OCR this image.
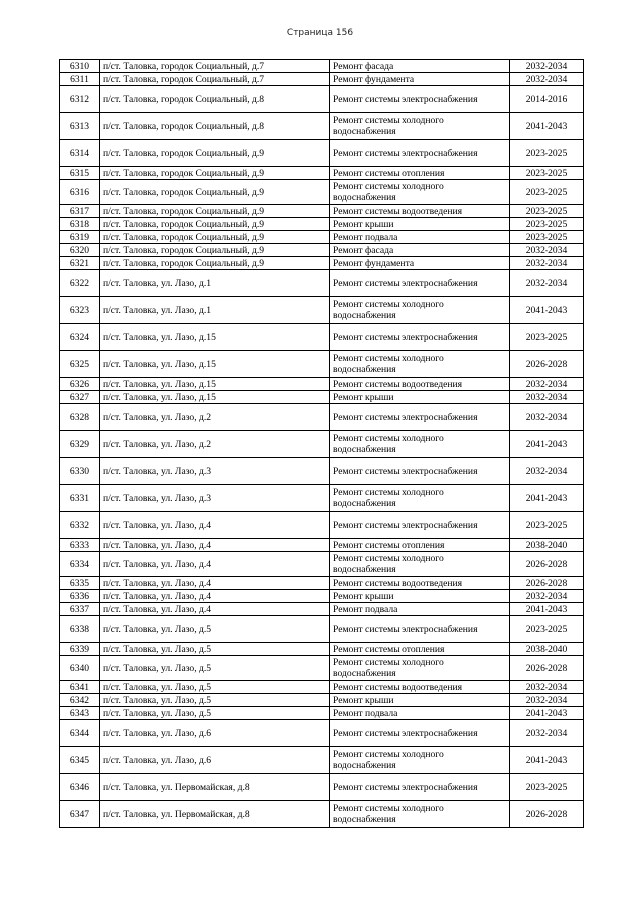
Страница 156
6310	п/ст. Таловка, городок Социальный, д.7	Ремонт фасада	2032-2034
6311	п/ст. Таловка, городок Социальный, д.7	Ремонт фундамента	2032-2034
6312	п/ст. Таловка, городок Социальный, д.8	Ремонт системы электроснабжения	2014-2016
6313	п/ст. Таловка, городок Социальный, д.8	Ремонт системы холодного водоснабжения	2041-2043
6314	п/ст. Таловка, городок Социальный, д.9	Ремонт системы электроснабжения	2023-2025
6315	п/ст. Таловка, городок Социальный, д.9	Ремонт системы отопления	2023-2025
6316	п/ст. Таловка, городок Социальный, д.9	Ремонт системы холодного водоснабжения	2023-2025
6317	п/ст. Таловка, городок Социальный, д.9	Ремонт системы водоотведения	2023-2025
6318	п/ст. Таловка, городок Социальный, д.9	Ремонт крыши	2023-2025
6319	п/ст. Таловка, городок Социальный, д.9	Ремонт подвала	2023-2025
6320	п/ст. Таловка, городок Социальный, д.9	Ремонт фасада	2032-2034
6321	п/ст. Таловка, городок Социальный, д.9	Ремонт фундамента	2032-2034
6322	п/ст. Таловка, ул. Лазо, д.1	Ремонт системы электроснабжения	2032-2034
6323	п/ст. Таловка, ул. Лазо, д.1	Ремонт системы холодного водоснабжения	2041-2043
6324	п/ст. Таловка, ул. Лазо, д.15	Ремонт системы электроснабжения	2023-2025
6325	п/ст. Таловка, ул. Лазо, д.15	Ремонт системы холодного водоснабжения	2026-2028
6326	п/ст. Таловка, ул. Лазо, д.15	Ремонт системы водоотведения	2032-2034
6327	п/ст. Таловка, ул. Лазо, д.15	Ремонт крыши	2032-2034
6328	п/ст. Таловка, ул. Лазо, д.2	Ремонт системы электроснабжения	2032-2034
6329	п/ст. Таловка, ул. Лазо, д.2	Ремонт системы холодного водоснабжения	2041-2043
6330	п/ст. Таловка, ул. Лазо, д.3	Ремонт системы электроснабжения	2032-2034
6331	п/ст. Таловка, ул. Лазо, д.3	Ремонт системы холодного водоснабжения	2041-2043
6332	п/ст. Таловка, ул. Лазо, д.4	Ремонт системы электроснабжения	2023-2025
6333	п/ст. Таловка, ул. Лазо, д.4	Ремонт системы отопления	2038-2040
6334	п/ст. Таловка, ул. Лазо, д.4	Ремонт системы холодного водоснабжения	2026-2028
6335	п/ст. Таловка, ул. Лазо, д.4	Ремонт системы водоотведения	2026-2028
6336	п/ст. Таловка, ул. Лазо, д.4	Ремонт крыши	2032-2034
6337	п/ст. Таловка, ул. Лазо, д.4	Ремонт подвала	2041-2043
6338	п/ст. Таловка, ул. Лазо, д.5	Ремонт системы электроснабжения	2023-2025
6339	п/ст. Таловка, ул. Лазо, д.5	Ремонт системы отопления	2038-2040
6340	п/ст. Таловка, ул. Лазо, д.5	Ремонт системы холодного водоснабжения	2026-2028
6341	п/ст. Таловка, ул. Лазо, д.5	Ремонт системы водоотведения	2032-2034
6342	п/ст. Таловка, ул. Лазо, д.5	Ремонт крыши	2032-2034
6343	п/ст. Таловка, ул. Лазо, д.5	Ремонт подвала	2041-2043
6344	п/ст. Таловка, ул. Лазо, д.6	Ремонт системы электроснабжения	2032-2034
6345	п/ст. Таловка, ул. Лазо, д.6	Ремонт системы холодного водоснабжения	2041-2043
6346	п/ст. Таловка, ул. Первомайская, д.8	Ремонт системы электроснабжения	2023-2025
6347	п/ст. Таловка, ул. Первомайская, д.8	Ремонт системы холодного водоснабжения	2026-2028
